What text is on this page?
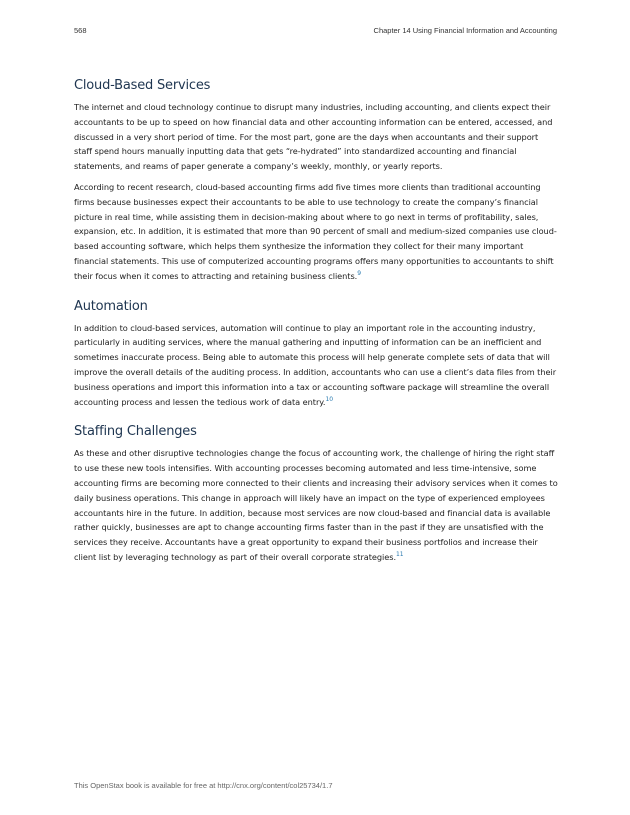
568	Chapter 14 Using Financial Information and Accounting
Cloud-Based Services

The internet and cloud technology continue to disrupt many industries, including accounting, and clients expect their accountants to be up to speed on how financial data and other accounting information can be entered, accessed, and discussed in a very short period of time. For the most part, gone are the days when accountants and their support staff spend hours manually inputting data that gets “re-hydrated” into standardized accounting and financial statements, and reams of paper generate a company’s weekly, monthly, or yearly reports.

According to recent research, cloud-based accounting firms add five times more clients than traditional accounting firms because businesses expect their accountants to be able to use technology to create the company’s financial picture in real time, while assisting them in decision-making about where to go next in terms of profitability, sales, expansion, etc. In addition, it is estimated that more than 90 percent of small and medium-sized companies use cloud-based accounting software, which helps them synthesize the information they collect for their many important financial statements. This use of computerized accounting programs offers many opportunities to accountants to shift their focus when it comes to attracting and retaining business clients.$^9$

Automation

In addition to cloud-based services, automation will continue to play an important role in the accounting industry, particularly in auditing services, where the manual gathering and inputting of information can be an inefficient and sometimes inaccurate process. Being able to automate this process will help generate complete sets of data that will improve the overall details of the auditing process. In addition, accountants who can use a client’s data files from their business operations and import this information into a tax or accounting software package will streamline the overall accounting process and lessen the tedious work of data entry.$^{10}$

Staffing Challenges

As these and other disruptive technologies change the focus of accounting work, the challenge of hiring the right staff to use these new tools intensifies. With accounting processes becoming automated and less time-intensive, some accounting firms are becoming more connected to their clients and increasing their advisory services when it comes to daily business operations. This change in approach will likely have an impact on the type of experienced employees accountants hire in the future. In addition, because most services are now cloud-based and financial data is available rather quickly, businesses are apt to change accounting firms faster than in the past if they are unsatisfied with the services they receive. Accountants have a great opportunity to expand their business portfolios and increase their client list by leveraging technology as part of their overall corporate strategies.$^{11}$

This OpenStax book is available for free at http://cnx.org/content/col25734/1.7
